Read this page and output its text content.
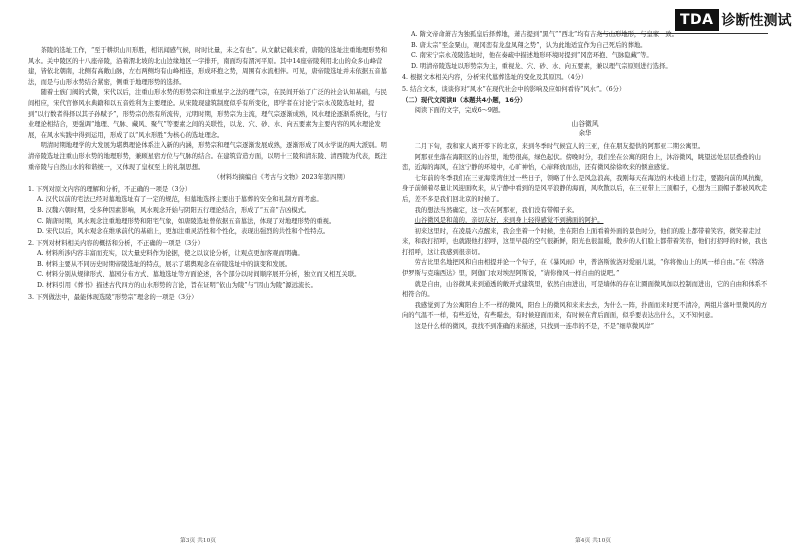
TDA 诊断性测试

茶陵的选址工作，“至于耕织山川形胜，相讯闻感气候，时时比量，未之有也”。从文献记载来看，唐陵的选址注重地理形势和风水。关中陵区的十八座帝陵，沿着渭北坡的北山边缘地区一字排开，南面均有渭河平原。其中14座帝陵利用北山的众多山峰营建，皆依北朝南，北侧有高敞山脉，左右两侧均有山峰相连，形成环抱之势，周围有水流相伴。可见，唐帝陵选址并未依据五音墓法，而是与山形水势结合紧密，侧重于地理形势的选择。

随着士族门阀的式微，宋代以后，注重山形水势的形势宗和注重星宇之法的理气宗，在民间开始了广泛的社会认知基础，与民间相应，宋代官修风水典籍和以五音姓利为主要理论。从宋陵现建筑制度似乎有所变化，即学者在讨论宁宗永茂陵选址时，提到“以行数者得择以其子孙赋予”，形势宗仍然有所流传，元明时期，形势宗为主流，理气宗逐渐成熟，风水理论逐渐系统化，与行业理论相结合，更强调“地理、气脉、藏风、聚气”等要素之间的关联性，以龙、穴、砂、水、向五要素为主要内容的风水理论发展，在风水实践中得到运用，形成了以“风水形胜”为核心的选址理念。

明清时期地理学的大发展为堪舆理论体系注入新的内涵，形势宗和理气宗逐渐发展成熟，逐渐形成了风水学说的两大派别。明清帝陵选址注重山形水势的地理形势，兼顾星宿方位与气脉的结合。在建筑营造方面，以明十三陵和清东陵、清西陵为代表，既注重帝陵与自然山水的和谐统一，又体现了皇权至上的礼制思想。

（材料均摘编自《考古与文物》2023年第四期）

1. 下列对原文内容的理解和分析，不正确的一项是（3分）

A. 汉代以前的宅法已经对墓地选址有了一定的规范，但墓地选择主要出于墓葬的安全和礼制方面考虑。

B. 汉魏六朝时期，受多种因素影响，风水观念开始与阴阳五行理论结合，形成了“五音”吉凶模式。

C. 隋唐时期，风水观念注重地理形势和阳宅气象，如唐陵选址曾依据五音墓法，体现了对地理形势的重视。

D. 宋代以后，风水观念在维承前代的基础上，更加注重灵活性和个性化，表现出强烈的共性和个性特点。

2. 下列对材料相关内容的概括和分析，不正确的一项是（3分）

A. 材料所涉内容丰富而充实，以大量史料作为论据，使之以议论分析，让观点更加客观而明确。

B. 材料主要从不同历史时期帝陵选址的特点，展示了堪舆观念在帝陵选址中的演变和发展。

C. 材料分别从规律形式、墓园分布方式、墓地选址等方面论述，各个部分以时间顺序展开分析，独立而又相互关联。

D. 材料引用《葬书》描述古代四方的山水形势的言论，旨在证明“依山为陵”与“因山为陵”源远流长。

3. 下列做法中，最能体现选陵“形势宗”理念的一项是（3分）

A. 隋文帝命萧吉为独孤皇后择葬地，萧吉提到“黑气”“西北”均有吉兆与山形地形，与皇家一致。

B. 唐太宗“至金粟山，观冈峦有龙盘凤翔之势”，认为此地适宜作为自己死后的葬地。

C. 南宋宁宗永茂陵选址时，他在奏疏中描述地形环境时提到“冈峦环抱、气脉隐藏”等。

D. 明清帝陵选址以形势宗为主，重视龙、穴、砂、水、向五要素，兼以理气宗原则进行选择。

4. 根据文本相关内容，分析宋代墓葬选址的变化及其原因。（4分）

5. 结合文本，谈谈你对“风水”在现代社会中的影响及应如何看待“风水”。（6分）

（二）现代文阅读Ⅱ（本题共4小题，16分）

阅读下面的文字，完成6～9题。

山谷微风

余华

二月下旬，我和家人离开零下的北京，来到冬季时气候宜人的三亚，住在朋友提供的阿那亚二期公寓里。

阿那亚坐落在海阳区的山谷里，地势很高，绿色起伏。傍晚时分，我们坐在公寓的阳台上，沐浴微风，眺望远处层层叠叠的山峦，近海的海风，在这宁静的环境中，心旷神怡，心扉释放而出，还有微风徐徐吹来的惬意感觉。

七年前的冬季我们在三亚海棠湾住过一些日子，领略了什么是风急浪高，我刚每天在海边的木栈道上行走，要跟向前的风抗衡，身子前倾着尽量让风迎面吹来，从宁静中看到的是风平浪静的海面，风吹散以后，在三亚带上三顶帽子，心想为三顶帽子都被风吹走后，差不多是我们回北京的时候了。

我的想法当然确定，这一次在阿那亚，我们没有带帽子来。

山谷微风是和蔼的，亲切友好，来到身上轻得感觉不到拂面的阿护。

初来这里时，在凌晨六点醒来，我会坐着一个时候，坐在阳台上面看着外面的景色时分，他们的脸上都带着笑容，微笑着走过来，和我打招呼，也就跟他打招呼，这里早晨的空气很新鲜，阳光也很温暖，散步的人们脸上都带着笑容，他们打招呼的时候，我也打招呼，这让我感到很亲切。

劳古比里名地把风和自由相提并论一个句子，在《暴风雨》中，普洛斯彼洛对爱丽儿说，“你将像山上的风一样自由。”在《特洛伊罗斯与克瑞西达》里，阿伽门农对埃涅阿斯说，“请你像风一样自由的说吧。”

就是自由，山谷微风来到通透的敞开式建筑里，依然自由进出，可是墙体的存在让圈面微风加以控制而进出，它的自由和体系不相符合的。

我感觉到了为公寓阳台上不一样的微风，阳台上的微风和来来去去，为什么一阵，扑面而来时更不清冷，两组片落叶里微风的方向的气温不一样，有些近处，有些瞄去，有时候迎面而来，有时候在背后面面，似乎要表达出什么，又不知何意。

这是什么样的微风，我找不到准确的来描述，只找到一连串的不是，不是“细草微风岸”

第3页 共10页	第4页 共10页
